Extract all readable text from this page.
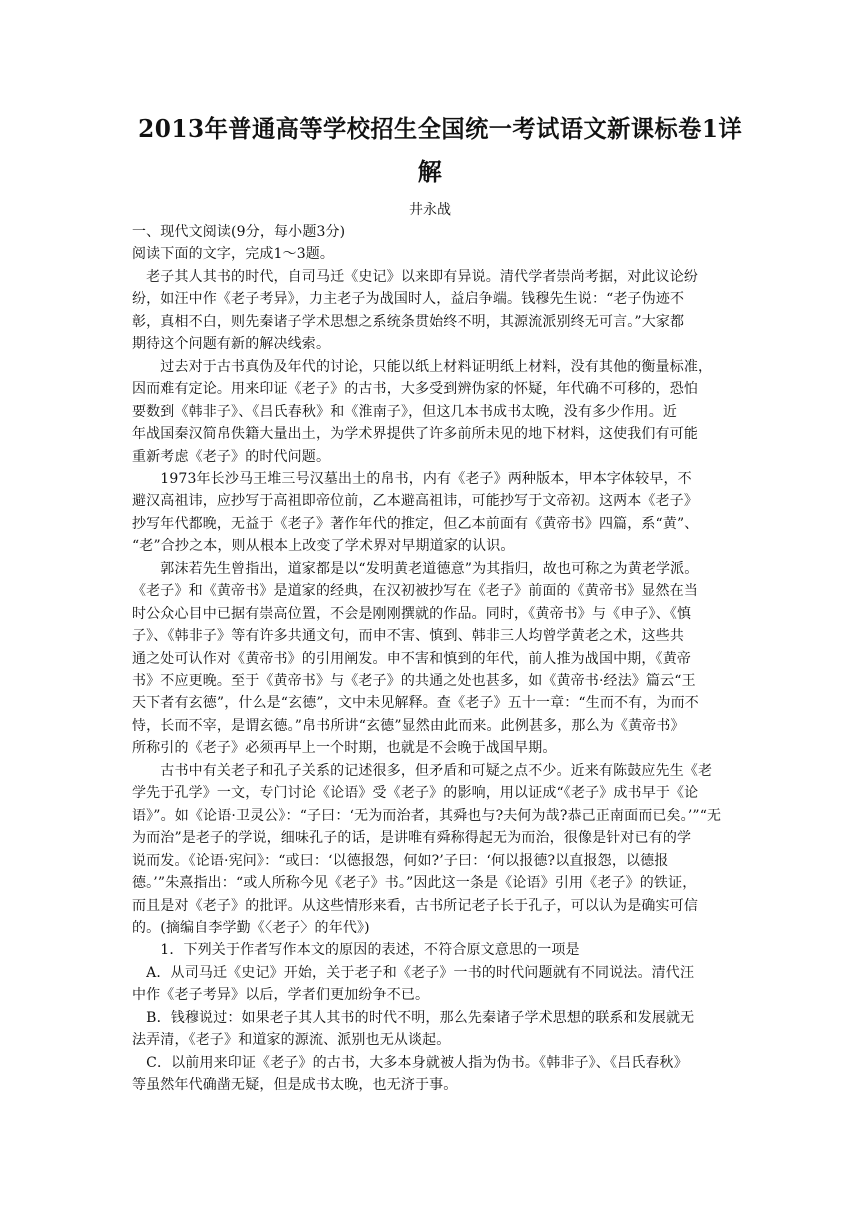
2013年普通高等学校招生全国统一考试语文新课标卷1详
解
井永战
一、现代文阅读(9分，每小题3分)
阅读下面的文字，完成1～3题。
　老子其人其书的时代，自司马迁《史记》以来即有异说。清代学者崇尚考据，对此议论纷
纷，如汪中作《老子考异》，力主老子为战国时人，益启争端。钱穆先生说：“老子伪迹不
彰，真相不白，则先秦诸子学术思想之系统条贯始终不明，其源流派别终无可言。”大家都
期待这个问题有新的解决线索。
　　过去对于古书真伪及年代的讨论，只能以纸上材料证明纸上材料，没有其他的衡量标准，
因而难有定论。用来印证《老子》的古书，大多受到辨伪家的怀疑，年代确不可移的，恐怕
要数到《韩非子》、《吕氏春秋》和《淮南子》，但这几本书成书太晚，没有多少作用。近
年战国秦汉简帛佚籍大量出土，为学术界提供了许多前所未见的地下材料，这使我们有可能
重新考虑《老子》的时代问题。
　　1973年长沙马王堆三号汉墓出土的帛书，内有《老子》两种版本，甲本字体较早，不
避汉高祖讳，应抄写于高祖即帝位前，乙本避高祖讳，可能抄写于文帝初。这两本《老子》
抄写年代都晚，无益于《老子》著作年代的推定，但乙本前面有《黄帝书》四篇，系“黄”、
“老”合抄之本，则从根本上改变了学术界对早期道家的认识。
　　郭沫若先生曾指出，道家都是以“发明黄老道德意”为其指归，故也可称之为黄老学派。
《老子》和《黄帝书》是道家的经典，在汉初被抄写在《老子》前面的《黄帝书》显然在当
时公众心目中已据有崇高位置，不会是刚刚撰就的作品。同时，《黄帝书》与《申子》、《慎
子》、《韩非子》等有许多共通文句，而申不害、慎到、韩非三人均曾学黄老之术，这些共
通之处可认作对《黄帝书》的引用阐发。申不害和慎到的年代，前人推为战国中期，《黄帝
书》不应更晚。至于《黄帝书》与《老子》的共通之处也甚多，如《黄帝书·经法》篇云“王
天下者有玄德”，什么是“玄德”，文中未见解释。查《老子》五十一章：“生而不有，为而不
恃，长而不宰，是谓玄德。”帛书所讲“玄德”显然由此而来。此例甚多，那么为《黄帝书》
所称引的《老子》必须再早上一个时期，也就是不会晚于战国早期。
　　古书中有关老子和孔子关系的记述很多，但矛盾和可疑之点不少。近来有陈鼓应先生《老
学先于孔学》一文，专门讨论《论语》受《老子》的影响，用以证成“《老子》成书早于《论
语》”。如《论语·卫灵公》：“子曰：‘无为而治者，其舜也与?夫何为哉?恭己正南面而已矣。’”“无
为而治”是老子的学说，细味孔子的话，是讲唯有舜称得起无为而治，很像是针对已有的学
说而发。《论语·宪问》：“或曰：‘以德报怨，何如?’子曰：‘何以报德?以直报怨，以德报
德。’”朱熹指出：“或人所称今见《老子》书。”因此这一条是《论语》引用《老子》的铁证，
而且是对《老子》的批评。从这些情形来看，古书所记老子长于孔子，可以认为是确实可信
的。(摘编自李学勤《〈老子〉的年代》)
　　1．下列关于作者写作本文的原因的表述，不符合原文意思的一项是
　A．从司马迁《史记》开始，关于老子和《老子》一书的时代问题就有不同说法。清代汪
中作《老子考异》以后，学者们更加纷争不已。
　B．钱穆说过：如果老子其人其书的时代不明，那么先秦诸子学术思想的联系和发展就无
法弄清，《老子》和道家的源流、派别也无从谈起。
　C．以前用来印证《老子》的古书，大多本身就被人指为伪书。《韩非子》、《吕氏春秋》
等虽然年代确凿无疑，但是成书太晚，也无济于事。
